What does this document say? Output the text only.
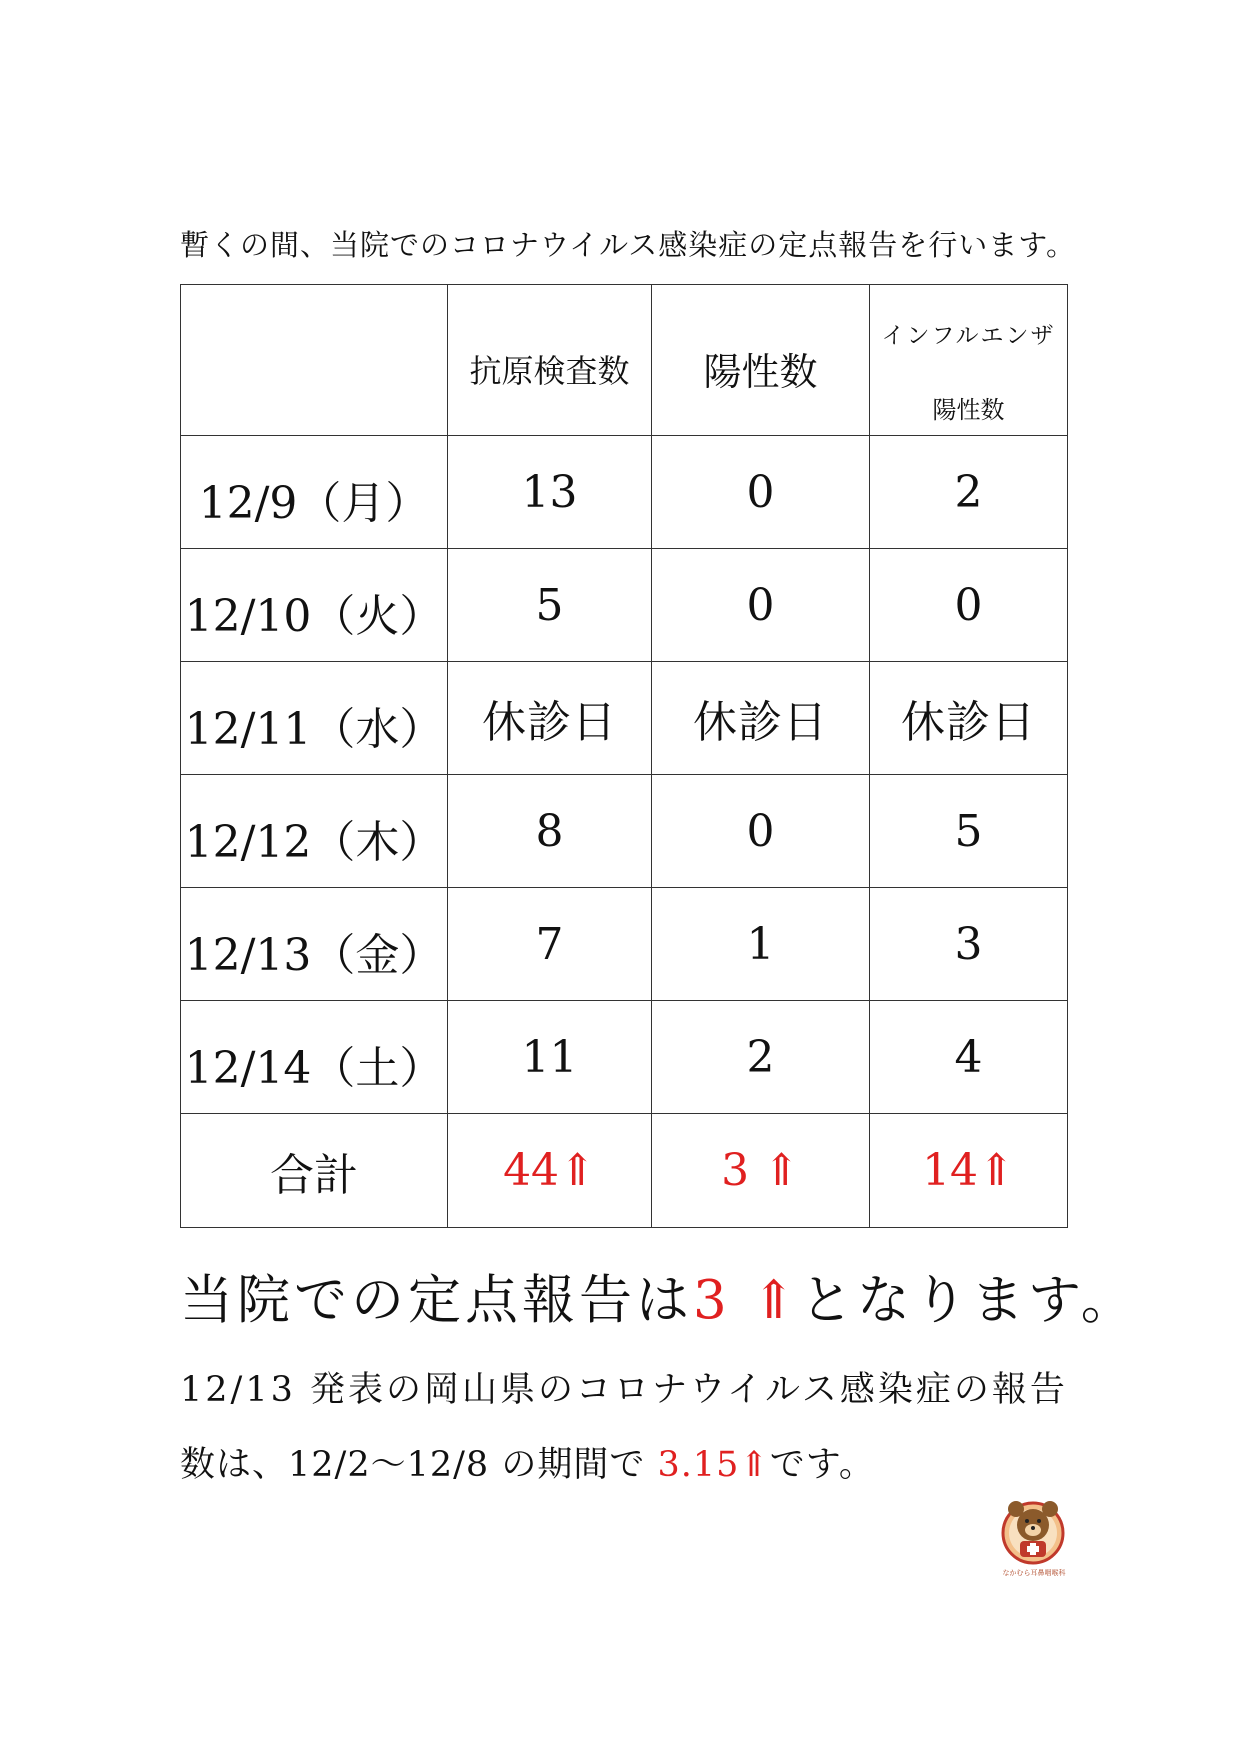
暫くの間、当院でのコロナウイルス感染症の定点報告を行います。

	抗原検査数	陽性数	インフルエンザ
陽性数

12/9（月）	13	0	2

12/10（火）	5	0	0

12/11（水）	休診日	休診日	休診日

12/12（木）	8	0	5

12/13（金）	7	1	3

12/14（土）	11	2	4
合計	44⇑	3 ⇑	14⇑
当院での定点報告は3 ⇑となります。
12/13 発表の岡山県のコロナウイルス感染症の報告
数は、12/2～12/8 の期間で 3.15⇑です。
なかむら耳鼻咽喉科
